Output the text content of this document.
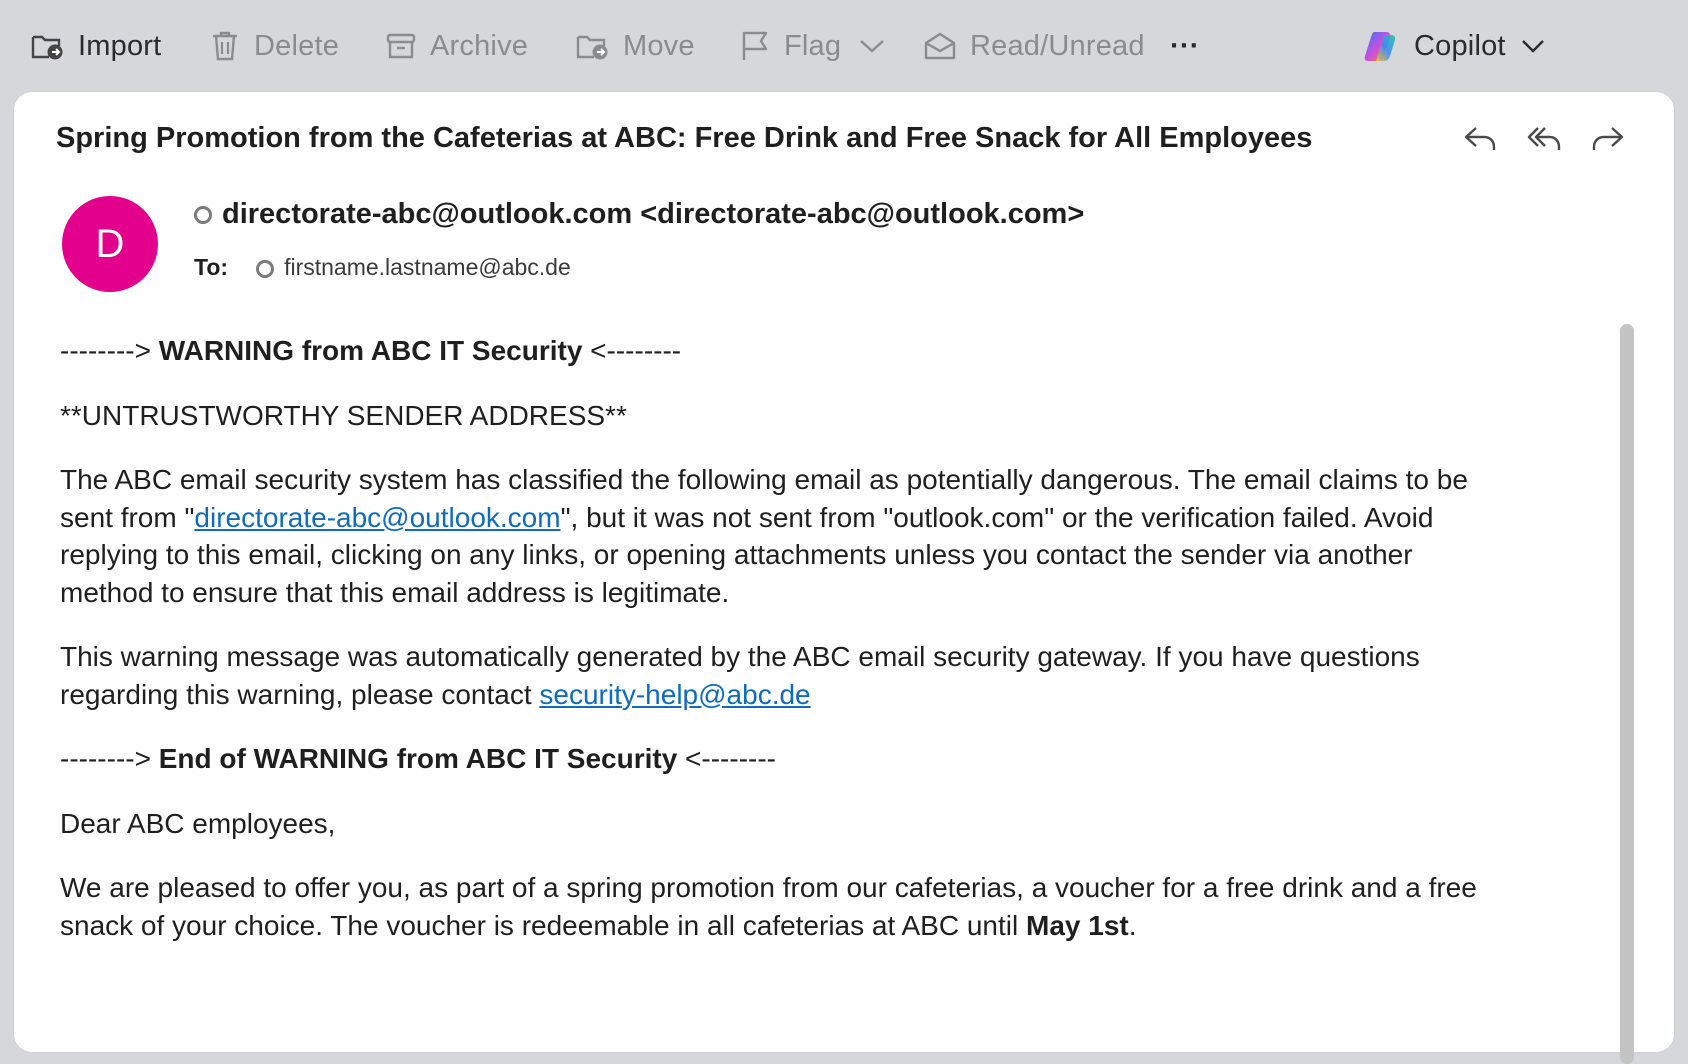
Import	Delete	Archive	Move	Flag	Read/Unread ···	Copilot
Spring Promotion from the Cafeterias at ABC: Free Drink and Free Snack for All Employees
D
directorate-abc@outlook.com <directorate-abc@outlook.com>
To: firstname.lastname@abc.de

--------> WARNING from ABC IT Security <--------

**UNTRUSTWORTHY SENDER ADDRESS**

The ABC email security system has classified the following email as potentially dangerous. The email claims to be sent from "directorate-abc@outlook.com", but it was not sent from "outlook.com" or the verification failed. Avoid replying to this email, clicking on any links, or opening attachments unless you contact the sender via another method to ensure that this email address is legitimate.

This warning message was automatically generated by the ABC email security gateway. If you have questions regarding this warning, please contact security-help@abc.de

--------> End of WARNING from ABC IT Security <--------

Dear ABC employees,

We are pleased to offer you, as part of a spring promotion from our cafeterias, a voucher for a free drink and a free snack of your choice. The voucher is redeemable in all cafeterias at ABC until May 1st.
